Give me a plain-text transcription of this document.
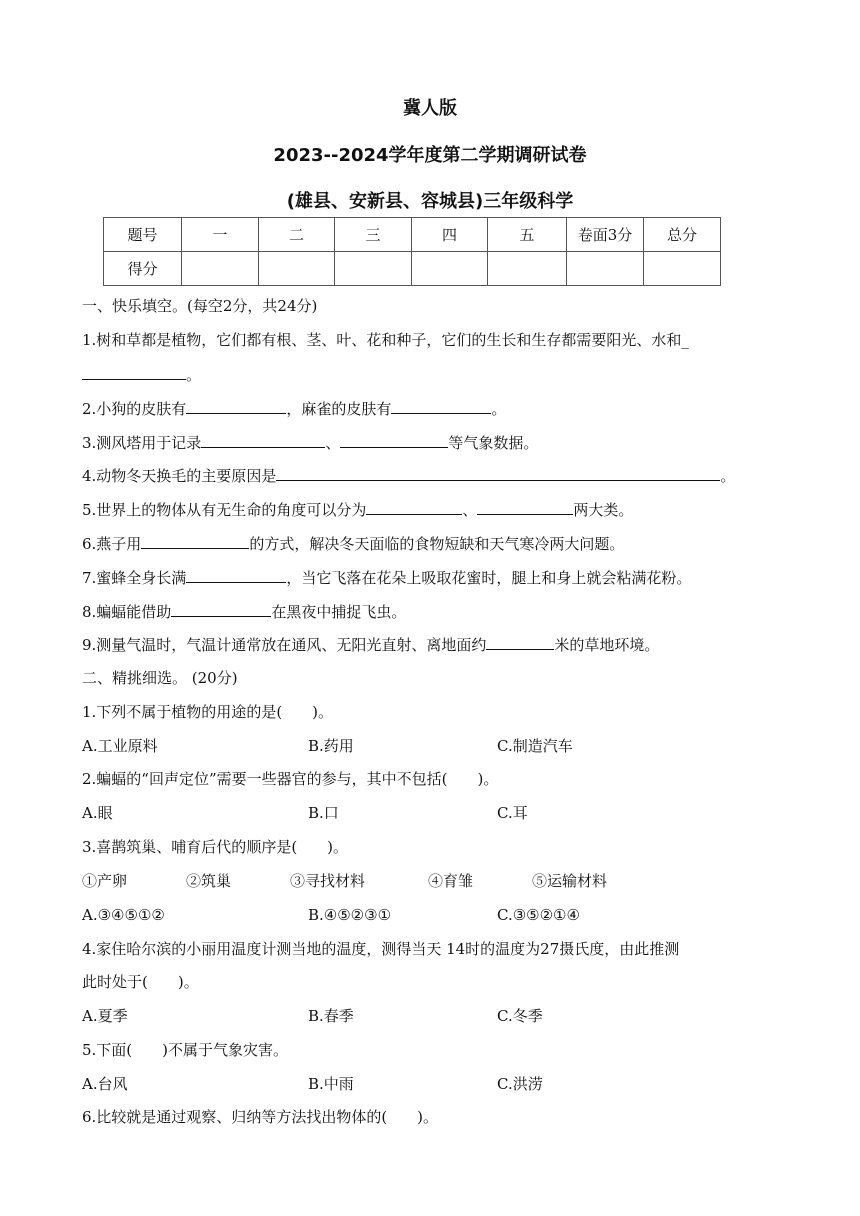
冀人版
2023--2024学年度第二学期调研试卷
(雄县、安新县、容城县)三年级科学
题号	一	二	三	四	五	卷面3分	总分
得分							
一、快乐填空。(每空2分，共24分)
1.树和草都是植物，它们都有根、茎、叶、花和种子，它们的生长和生存都需要阳光、水和_
。
2.小狗的皮肤有	，麻雀的皮肤有	。
3.测风塔用于记录	、	等气象数据。
4.动物冬天换毛的主要原因是	。
5.世界上的物体从有无生命的角度可以分为	、	两大类。
6.燕子用	的方式，解决冬天面临的食物短缺和天气寒冷两大问题。
7.蜜蜂全身长满	，当它飞落在花朵上吸取花蜜时，腿上和身上就会粘满花粉。
8.蝙蝠能借助	在黑夜中捕捉飞虫。
9.测量气温时，气温计通常放在通风、无阳光直射、离地面约	米的草地环境。
二、精挑细选。 (20分)
1.下列不属于植物的用途的是(　　)。
A.工业原料	B.药用	C.制造汽车
2.蝙蝠的“回声定位”需要一些器官的参与，其中不包括(　　)。
A.眼	B.口	C.耳
3.喜鹊筑巢、哺育后代的顺序是(　　)。
①产卵	②筑巢	③寻找材料	④育雏	⑤运输材料
A.③④⑤①②	B.④⑤②③①	C.③⑤②①④
4.家住哈尔滨的小丽用温度计测当地的温度，测得当天 14时的温度为27摄氏度，由此推测
此时处于(　　)。
A.夏季	B.春季	C.冬季
5.下面(　　)不属于气象灾害。
A.台风	B.中雨	C.洪涝
6.比较就是通过观察、归纳等方法找出物体的(　　)。
